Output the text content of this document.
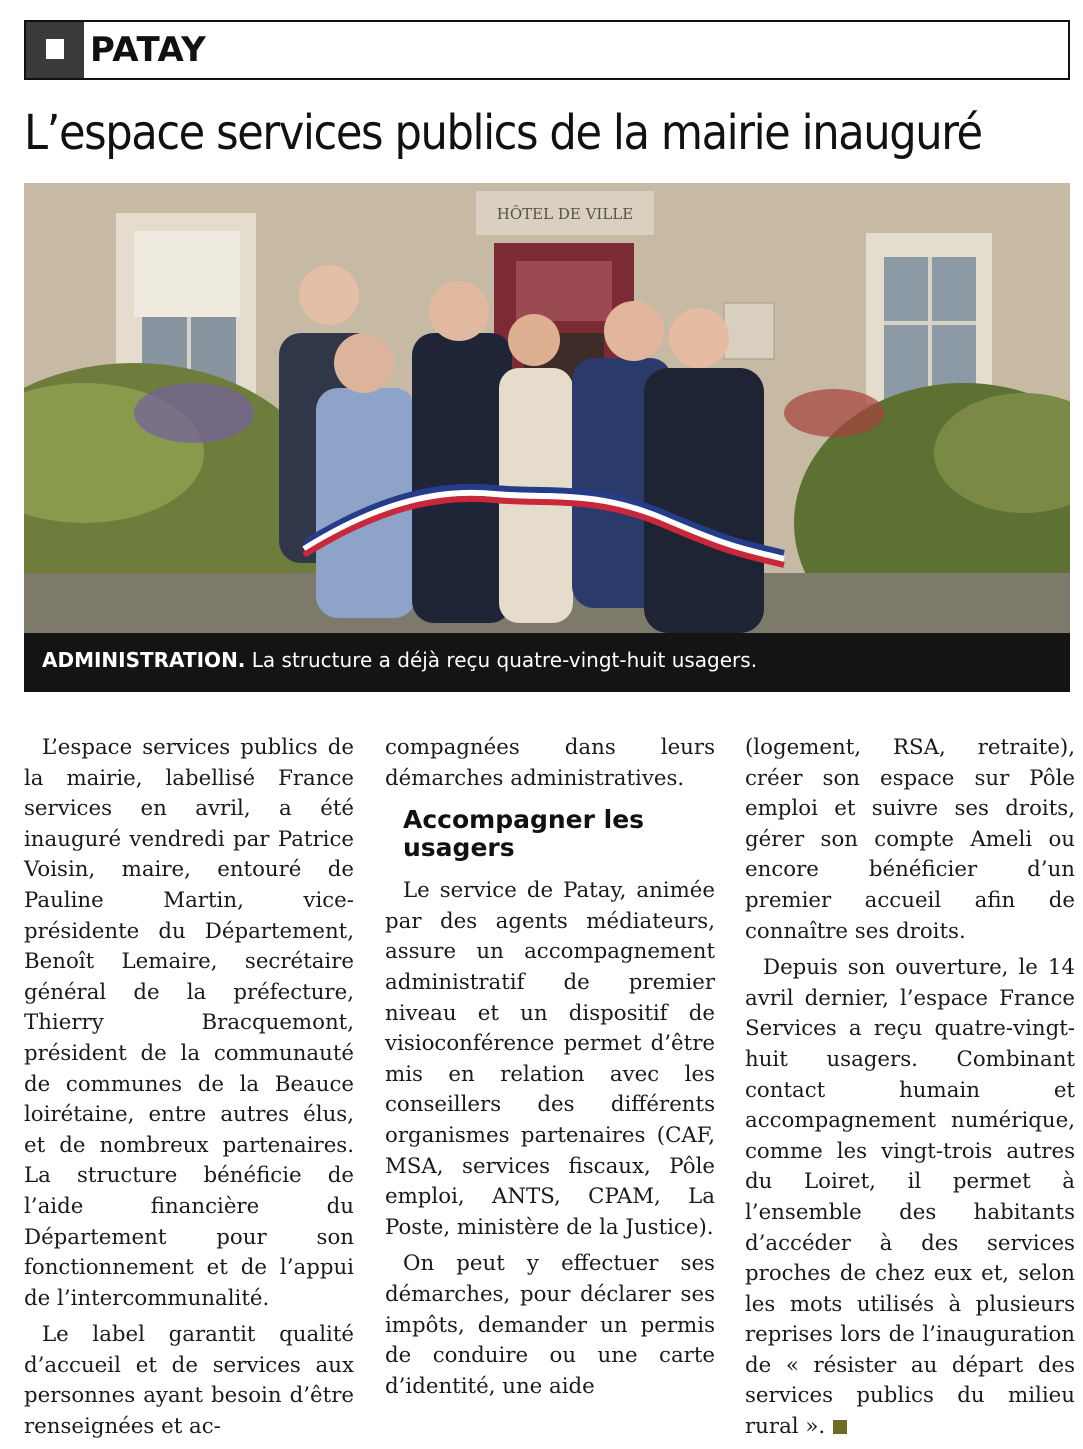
PATAY
L’espace services publics de la mairie inauguré
HÔTEL DE VILLE
ADMINISTRATION. La structure a déjà reçu quatre-vingt-huit usagers.

L’espace services publics de la mairie, labellisé France services en avril, a été inauguré vendredi par Patrice Voisin, maire, entouré de Pauline Martin, vice-présidente du Département, Benoît Lemaire, secrétaire général de la préfecture, Thierry Bracquemont, président de la communauté de communes de la Beauce loirétaine, entre autres élus, et de nombreux partenaires. La structure bénéficie de l’aide financière du Département pour son fonctionnement et de l’appui de l’intercommunalité.

Le label garantit qualité d’accueil et de services aux personnes ayant besoin d’être renseignées et ac-

compagnées dans leurs démarches administratives.

Accompagner les usagers

Le service de Patay, animée par des agents médiateurs, assure un accompagnement administratif de premier niveau et un dispositif de visioconférence permet d’être mis en relation avec les conseillers des différents organismes partenaires (CAF, MSA, services fiscaux, Pôle emploi, ANTS, CPAM, La Poste, ministère de la Justice).

On peut y effectuer ses démarches, pour déclarer ses impôts, demander un permis de conduire ou une carte d’identité, une aide

(logement, RSA, retraite), créer son espace sur Pôle emploi et suivre ses droits, gérer son compte Ameli ou encore bénéficier d’un premier accueil afin de connaître ses droits.

Depuis son ouverture, le 14 avril dernier, l’espace France Services a reçu quatre-vingt-huit usagers. Combinant contact humain et accompagnement numérique, comme les vingt-trois autres du Loiret, il permet à l’ensemble des habitants d’accéder à des services proches de chez eux et, selon les mots utilisés à plusieurs reprises lors de l’inauguration de « résister au départ des services publics du milieu rural ».
